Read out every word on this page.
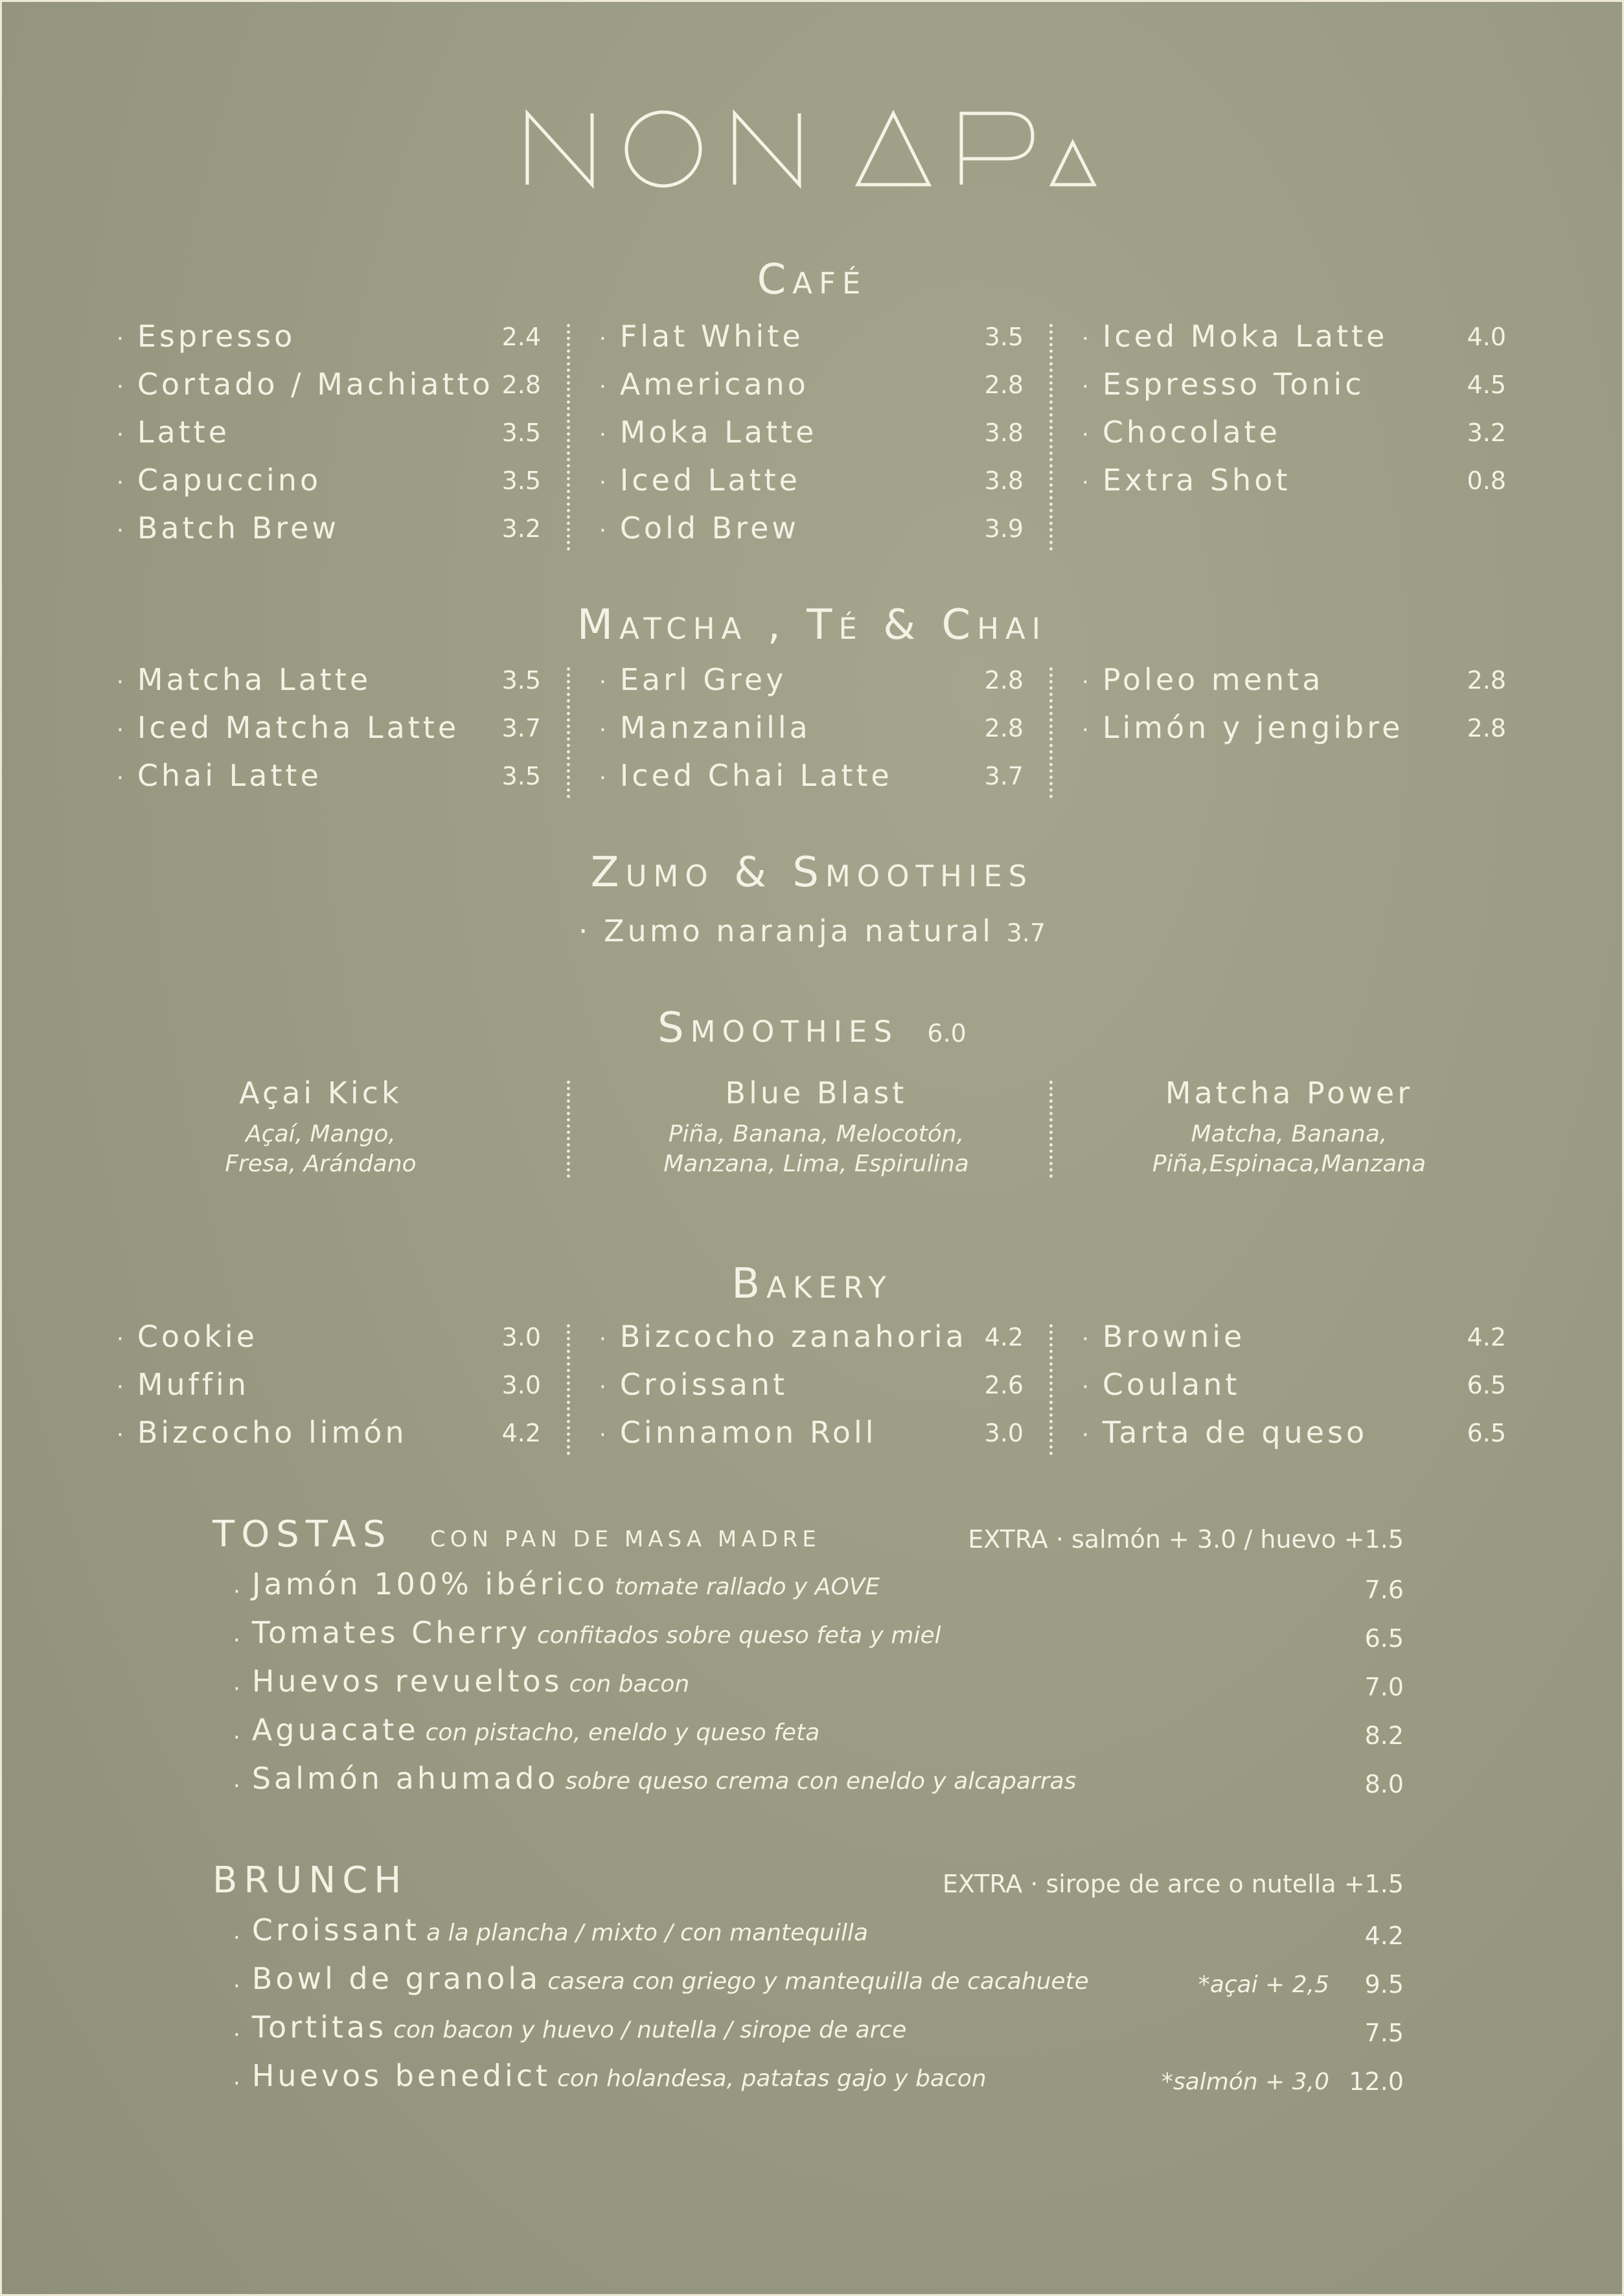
Café
· Espresso	2.4
· Cortado / Machiatto 2.8
· Latte	3.5
· Capuccino	3.5
· Batch Brew	3.2
· Flat White	3.5
· Americano	2.8
· Moka Latte	3.8
· Iced Latte	3.8
· Cold Brew	3.9
· Iced Moka Latte	4.0
· Espresso Tonic	4.5
· Chocolate	3.2
· Extra Shot	0.8
Matcha , Té & Chai
· Matcha Latte	3.5
· Iced Matcha Latte 3.7
· Chai Latte	3.5
· Earl Grey	2.8
· Manzanilla	2.8
· Iced Chai Latte	3.7
· Poleo menta	2.8
· Limón y jengibre	2.8
Zumo & Smoothies
· Zumo naranja natural 3.7
Smoothies 6.0
Açai Kick
Açaí, Mango,
Fresa, Arándano
Blue Blast
Piña, Banana, Melocotón,
Manzana, Lima, Espirulina
Matcha Power
Matcha, Banana,
Piña,Espinaca,Manzana
Bakery
· Cookie	3.0
· Muffin	3.0
· Bizcocho limón	4.2
· Bizcocho zanahoria 4.2
· Croissant	2.6
· Cinnamon Roll	3.0
· Brownie	4.2
· Coulant	6.5
· Tarta de queso	6.5
TOSTAS CON PAN DE MASA MADRE	EXTRA · salmón + 3.0 / huevo +1.5
· Jamón 100% ibérico tomate rallado y AOVE	7.6
· Tomates Cherry confitados sobre queso feta y miel	6.5
· Huevos revueltos con bacon	7.0
· Aguacate con pistacho, eneldo y queso feta	8.2
· Salmón ahumado sobre queso crema con eneldo y alcaparras	8.0
BRUNCH	EXTRA · sirope de arce o nutella +1.5
· Croissant a la plancha / mixto / con mantequilla	4.2
· Bowl de granola casera con griego y mantequilla de cacahuete	*açai + 2,5 9.5
· Tortitas con bacon y huevo / nutella / sirope de arce	7.5
· Huevos benedict con holandesa, patatas gajo y bacon	*salmón + 3,0 12.0
